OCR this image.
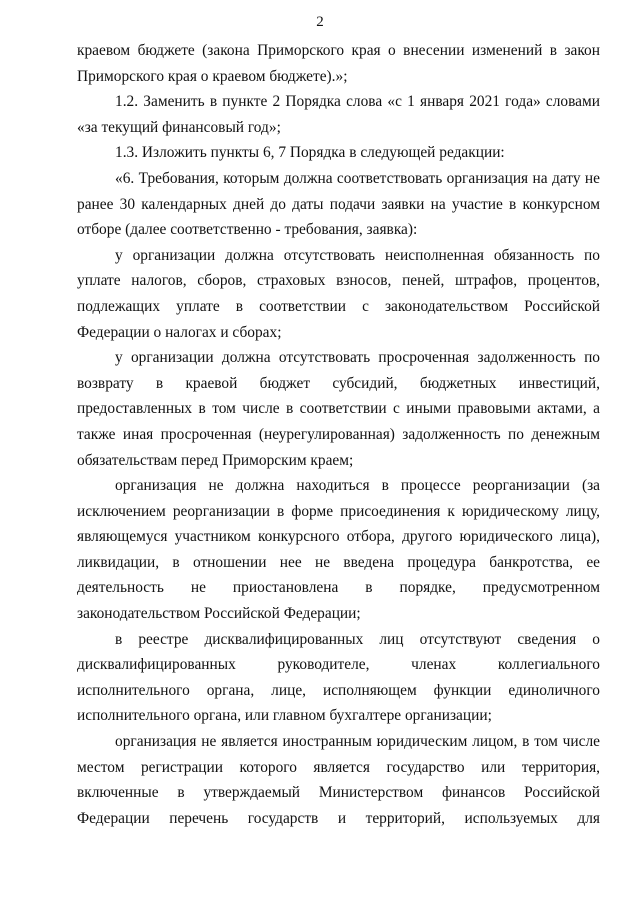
2

краевом бюджете (закона Приморского края о внесении изменений в закон Приморского края о краевом бюджете).»;

1.2. Заменить в пункте 2 Порядка слова «с 1 января 2021 года» словами «за текущий финансовый год»;

1.3. Изложить пункты 6, 7 Порядка в следующей редакции:

«6. Требования, которым должна соответствовать организация на дату не ранее 30 календарных дней до даты подачи заявки на участие в конкурсном отборе (далее соответственно - требования, заявка):

у организации должна отсутствовать неисполненная обязанность по уплате налогов, сборов, страховых взносов, пеней, штрафов, процентов, подлежащих уплате в соответствии с законодательством Российской Федерации о налогах и сборах;

у организации должна отсутствовать просроченная задолженность по возврату в краевой бюджет субсидий, бюджетных инвестиций, предоставленных в том числе в соответствии с иными правовыми актами, а также иная просроченная (неурегулированная) задолженность по денежным обязательствам перед Приморским краем;

организация не должна находиться в процессе реорганизации (за исключением реорганизации в форме присоединения к юридическому лицу, являющемуся участником конкурсного отбора, другого юридического лица), ликвидации, в отношении нее не введена процедура банкротства, ее деятельность не приостановлена в порядке, предусмотренном законодательством Российской Федерации;

в реестре дисквалифицированных лиц отсутствуют сведения о дисквалифицированных руководителе, членах коллегиального исполнительного органа, лице, исполняющем функции единоличного исполнительного органа, или главном бухгалтере организации;

организация не является иностранным юридическим лицом, в том числе местом регистрации которого является государство или территория, включенные в утверждаемый Министерством финансов Российской Федерации перечень государств и территорий, используемых для
